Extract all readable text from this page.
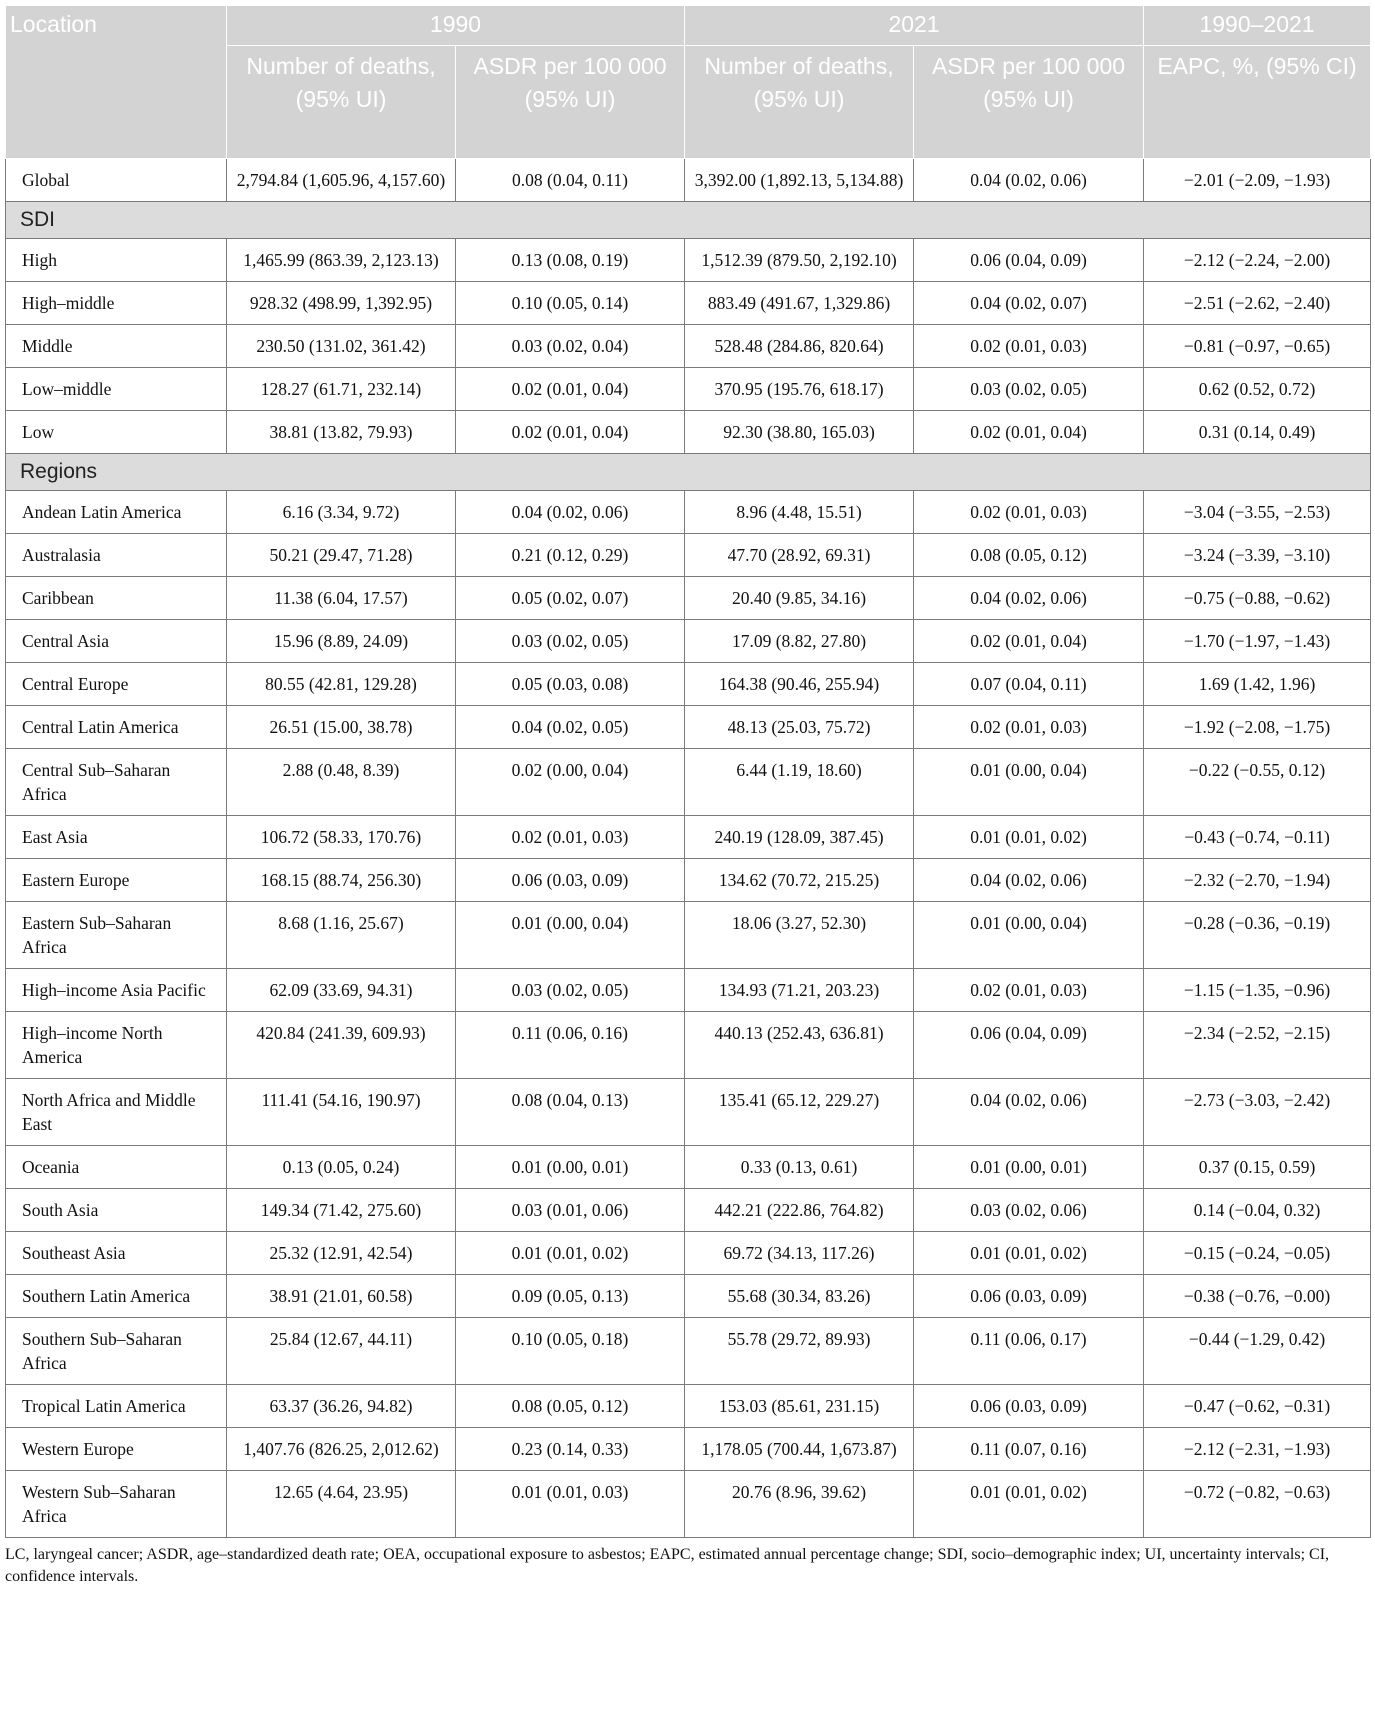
Location	1990		2021		1990–2021
	Number of deaths, (95% UI)	ASDR per 100 000 (95% UI)	Number of deaths, (95% UI)	ASDR per 100 000 (95% UI)	EAPC, %, (95% CI)
Global	2,794.84 (1,605.96, 4,157.60)	0.08 (0.04, 0.11)	3,392.00 (1,892.13, 5,134.88)	0.04 (0.02, 0.06)	−2.01 (−2.09, −1.93)
SDI					
High	1,465.99 (863.39, 2,123.13)	0.13 (0.08, 0.19)	1,512.39 (879.50, 2,192.10)	0.06 (0.04, 0.09)	−2.12 (−2.24, −2.00)
High–middle	928.32 (498.99, 1,392.95)	0.10 (0.05, 0.14)	883.49 (491.67, 1,329.86)	0.04 (0.02, 0.07)	−2.51 (−2.62, −2.40)
Middle	230.50 (131.02, 361.42)	0.03 (0.02, 0.04)	528.48 (284.86, 820.64)	0.02 (0.01, 0.03)	−0.81 (−0.97, −0.65)
Low–middle	128.27 (61.71, 232.14)	0.02 (0.01, 0.04)	370.95 (195.76, 618.17)	0.03 (0.02, 0.05)	0.62 (0.52, 0.72)
Low	38.81 (13.82, 79.93)	0.02 (0.01, 0.04)	92.30 (38.80, 165.03)	0.02 (0.01, 0.04)	0.31 (0.14, 0.49)
Regions					
Andean Latin America	6.16 (3.34, 9.72)	0.04 (0.02, 0.06)	8.96 (4.48, 15.51)	0.02 (0.01, 0.03)	−3.04 (−3.55, −2.53)
Australasia	50.21 (29.47, 71.28)	0.21 (0.12, 0.29)	47.70 (28.92, 69.31)	0.08 (0.05, 0.12)	−3.24 (−3.39, −3.10)
Caribbean	11.38 (6.04, 17.57)	0.05 (0.02, 0.07)	20.40 (9.85, 34.16)	0.04 (0.02, 0.06)	−0.75 (−0.88, −0.62)
Central Asia	15.96 (8.89, 24.09)	0.03 (0.02, 0.05)	17.09 (8.82, 27.80)	0.02 (0.01, 0.04)	−1.70 (−1.97, −1.43)
Central Europe	80.55 (42.81, 129.28)	0.05 (0.03, 0.08)	164.38 (90.46, 255.94)	0.07 (0.04, 0.11)	1.69 (1.42, 1.96)
Central Latin America	26.51 (15.00, 38.78)	0.04 (0.02, 0.05)	48.13 (25.03, 75.72)	0.02 (0.01, 0.03)	−1.92 (−2.08, −1.75)
Central Sub–Saharan Africa	2.88 (0.48, 8.39)	0.02 (0.00, 0.04)	6.44 (1.19, 18.60)	0.01 (0.00, 0.04)	−0.22 (−0.55, 0.12)
East Asia	106.72 (58.33, 170.76)	0.02 (0.01, 0.03)	240.19 (128.09, 387.45)	0.01 (0.01, 0.02)	−0.43 (−0.74, −0.11)
Eastern Europe	168.15 (88.74, 256.30)	0.06 (0.03, 0.09)	134.62 (70.72, 215.25)	0.04 (0.02, 0.06)	−2.32 (−2.70, −1.94)
Eastern Sub–Saharan Africa	8.68 (1.16, 25.67)	0.01 (0.00, 0.04)	18.06 (3.27, 52.30)	0.01 (0.00, 0.04)	−0.28 (−0.36, −0.19)
High–income Asia Pacific	62.09 (33.69, 94.31)	0.03 (0.02, 0.05)	134.93 (71.21, 203.23)	0.02 (0.01, 0.03)	−1.15 (−1.35, −0.96)
High–income North America	420.84 (241.39, 609.93)	0.11 (0.06, 0.16)	440.13 (252.43, 636.81)	0.06 (0.04, 0.09)	−2.34 (−2.52, −2.15)
North Africa and Middle East	111.41 (54.16, 190.97)	0.08 (0.04, 0.13)	135.41 (65.12, 229.27)	0.04 (0.02, 0.06)	−2.73 (−3.03, −2.42)
Oceania	0.13 (0.05, 0.24)	0.01 (0.00, 0.01)	0.33 (0.13, 0.61)	0.01 (0.00, 0.01)	0.37 (0.15, 0.59)
South Asia	149.34 (71.42, 275.60)	0.03 (0.01, 0.06)	442.21 (222.86, 764.82)	0.03 (0.02, 0.06)	0.14 (−0.04, 0.32)
Southeast Asia	25.32 (12.91, 42.54)	0.01 (0.01, 0.02)	69.72 (34.13, 117.26)	0.01 (0.01, 0.02)	−0.15 (−0.24, −0.05)
Southern Latin America	38.91 (21.01, 60.58)	0.09 (0.05, 0.13)	55.68 (30.34, 83.26)	0.06 (0.03, 0.09)	−0.38 (−0.76, −0.00)
Southern Sub–Saharan Africa	25.84 (12.67, 44.11)	0.10 (0.05, 0.18)	55.78 (29.72, 89.93)	0.11 (0.06, 0.17)	−0.44 (−1.29, 0.42)
Tropical Latin America	63.37 (36.26, 94.82)	0.08 (0.05, 0.12)	153.03 (85.61, 231.15)	0.06 (0.03, 0.09)	−0.47 (−0.62, −0.31)
Western Europe	1,407.76 (826.25, 2,012.62)	0.23 (0.14, 0.33)	1,178.05 (700.44, 1,673.87)	0.11 (0.07, 0.16)	−2.12 (−2.31, −1.93)
Western Sub–Saharan Africa	12.65 (4.64, 23.95)	0.01 (0.01, 0.03)	20.76 (8.96, 39.62)	0.01 (0.01, 0.02)	−0.72 (−0.82, −0.63)
LC, laryngeal cancer; ASDR, age–standardized death rate; OEA, occupational exposure to asbestos; EAPC, estimated annual percentage change; SDI, socio–demographic index; UI, uncertainty intervals; CI, confidence intervals.
